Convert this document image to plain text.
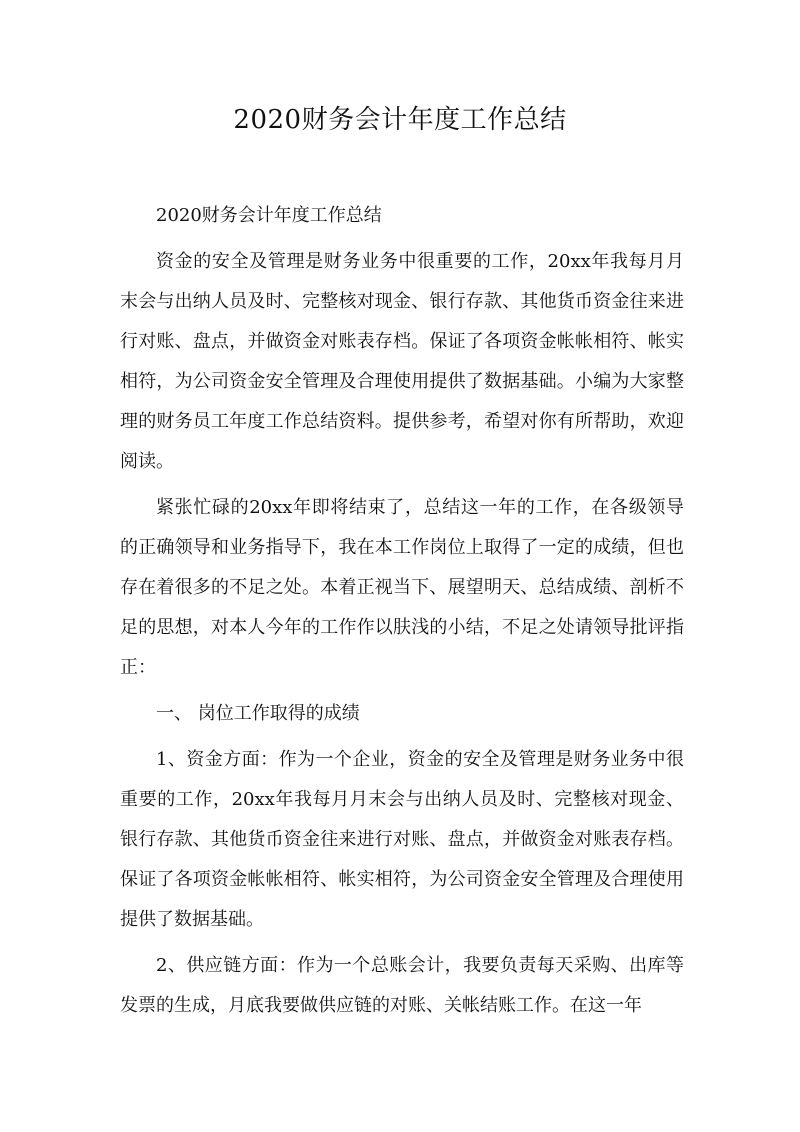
2020财务会计年度工作总结

2020财务会计年度工作总结

资金的安全及管理是财务业务中很重要的工作，20xx年我每月月末会与出纳人员及时、完整核对现金、银行存款、其他货币资金往来进行对账、盘点，并做资金对账表存档。保证了各项资金帐帐相符、帐实相符，为公司资金安全管理及合理使用提供了数据基础。小编为大家整理的财务员工年度工作总结资料。提供参考，希望对你有所帮助，欢迎阅读。

紧张忙碌的20xx年即将结束了，总结这一年的工作，在各级领导的正确领导和业务指导下，我在本工作岗位上取得了一定的成绩，但也存在着很多的不足之处。本着正视当下、展望明天、总结成绩、剖析不足的思想，对本人今年的工作作以肤浅的小结，不足之处请领导批评指正：

一、 岗位工作取得的成绩

1、资金方面：作为一个企业，资金的安全及管理是财务业务中很重要的工作，20xx年我每月月末会与出纳人员及时、完整核对现金、银行存款、其他货币资金往来进行对账、盘点，并做资金对账表存档。保证了各项资金帐帐相符、帐实相符，为公司资金安全管理及合理使用提供了数据基础。

2、供应链方面：作为一个总账会计，我要负责每天采购、出库等发票的生成，月底我要做供应链的对账、关帐结账工作。在这一年
